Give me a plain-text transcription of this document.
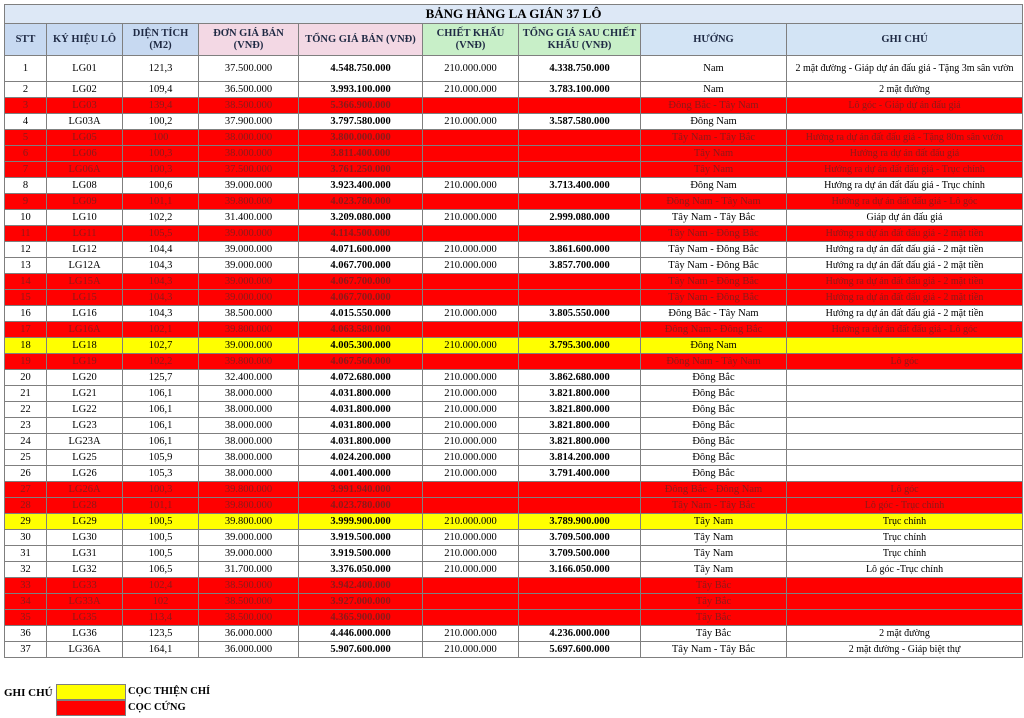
BẢNG HÀNG LA GIÁN 37 LÔ								
STT	KÝ HIỆU LÔ	DIỆN TÍCH (M2)	ĐƠN GIÁ BÁN (VNĐ)	TỔNG GIÁ BÁN (VNĐ)	CHIẾT KHẤU (VNĐ)	TỔNG GIÁ SAU CHIẾT KHẤU (VNĐ)	HƯỚNG	GHI CHÚ
1	LG01	121,3	37.500.000	4.548.750.000	210.000.000	4.338.750.000	Nam	2 mặt đường - Giáp dự án đấu giá - Tặng 3m sân vườn
2	LG02	109,4	36.500.000	3.993.100.000	210.000.000	3.783.100.000	Nam	2 mặt đường
3	LG03	139,4	38.500.000	5.366.900.000			Đông Bắc - Tây Nam	Lô góc - Giáp dự án đấu giá
4	LG03A	100,2	37.900.000	3.797.580.000	210.000.000	3.587.580.000	Đông Nam	
5	LG05	100	38.000.000	3.800.000.000			Tây Nam - Tây Bắc	Hướng ra dự án đất đấu giá - Tặng 80m sân vườn
6	LG06	100,3	38.000.000	3.811.400.000			Tây Nam	Hướng ra dự án đất đấu giá
7	LG06A	100,3	37.500.000	3.761.250.000			Tây Nam	Hướng ra dự án đất đấu giá - Trục chính
8	LG08	100,6	39.000.000	3.923.400.000	210.000.000	3.713.400.000	Đông Nam	Hướng ra dự án đất đấu giá - Trục chính
9	LG09	101,1	39.800.000	4.023.780.000			Đông Nam - Tây Nam	Hướng ra dự án đất đấu giá - Lô góc
10	LG10	102,2	31.400.000	3.209.080.000	210.000.000	2.999.080.000	Tây Nam - Tây Bắc	Giáp dự án đấu giá
11	LG11	105,5	39.000.000	4.114.500.000			Tây Nam - Đông Bắc	Hướng ra dự án đất đấu giá - 2 mặt tiền
12	LG12	104,4	39.000.000	4.071.600.000	210.000.000	3.861.600.000	Tây Nam - Đông Bắc	Hướng ra dự án đất đấu giá - 2 mặt tiền
13	LG12A	104,3	39.000.000	4.067.700.000	210.000.000	3.857.700.000	Tây Nam - Đông Bắc	Hướng ra dự án đất đấu giá - 2 mặt tiền
14	LG15A	104,3	39.000.000	4.067.700.000			Tây Nam - Đông Bắc	Hướng ra dự án đất đấu giá - 2 mặt tiền
15	LG15	104,3	39.000.000	4.067.700.000			Tây Nam - Đông Bắc	Hướng ra dự án đất đấu giá - 2 mặt tiền
16	LG16	104,3	38.500.000	4.015.550.000	210.000.000	3.805.550.000	Đông Bắc - Tây Nam	Hướng ra dự án đất đấu giá - 2 mặt tiền
17	LG16A	102,1	39.800.000	4.063.580.000			Đông Nam - Đông Bắc	Hướng ra dự án đất đấu giá - Lô góc
18	LG18	102,7	39.000.000	4.005.300.000	210.000.000	3.795.300.000	Đông Nam	
19	LG19	102,2	39.800.000	4.067.560.000			Đông Nam - Tây Nam	Lô góc
20	LG20	125,7	32.400.000	4.072.680.000	210.000.000	3.862.680.000	Đông Bắc	
21	LG21	106,1	38.000.000	4.031.800.000	210.000.000	3.821.800.000	Đông Bắc	
22	LG22	106,1	38.000.000	4.031.800.000	210.000.000	3.821.800.000	Đông Bắc	
23	LG23	106,1	38.000.000	4.031.800.000	210.000.000	3.821.800.000	Đông Bắc	
24	LG23A	106,1	38.000.000	4.031.800.000	210.000.000	3.821.800.000	Đông Bắc	
25	LG25	105,9	38.000.000	4.024.200.000	210.000.000	3.814.200.000	Đông Bắc	
26	LG26	105,3	38.000.000	4.001.400.000	210.000.000	3.791.400.000	Đông Bắc	
27	LG26A	100,3	39.800.000	3.991.940.000			Đông Bắc - Đông Nam	Lô góc
28	LG28	101,1	39.800.000	4.023.780.000			Tây Nam - Tây Bắc	Lô góc - Trục chính
29	LG29	100,5	39.800.000	3.999.900.000	210.000.000	3.789.900.000	Tây Nam	Trục chính
30	LG30	100,5	39.000.000	3.919.500.000	210.000.000	3.709.500.000	Tây Nam	Trục chính
31	LG31	100,5	39.000.000	3.919.500.000	210.000.000	3.709.500.000	Tây Nam	Trục chính
32	LG32	106,5	31.700.000	3.376.050.000	210.000.000	3.166.050.000	Tây Nam	Lô góc -Trục chính
33	LG33	102,4	38.500.000	3.942.400.000			Tây Bắc	
34	LG33A	102	38.500.000	3.927.000.000			Tây Bắc	
35	LG35	113,4	38.500.000	4.365.900.000			Tây Bắc	
36	LG36	123,5	36.000.000	4.446.000.000	210.000.000	4.236.000.000	Tây Bắc	2 mặt đường
37	LG36A	164,1	36.000.000	5.907.600.000	210.000.000	5.697.600.000	Tây Nam - Tây Bắc	2 mặt đường - Giáp biệt thự
GHI CHÚ	CỌC THIỆN CHÍ
CỌC CỨNG
